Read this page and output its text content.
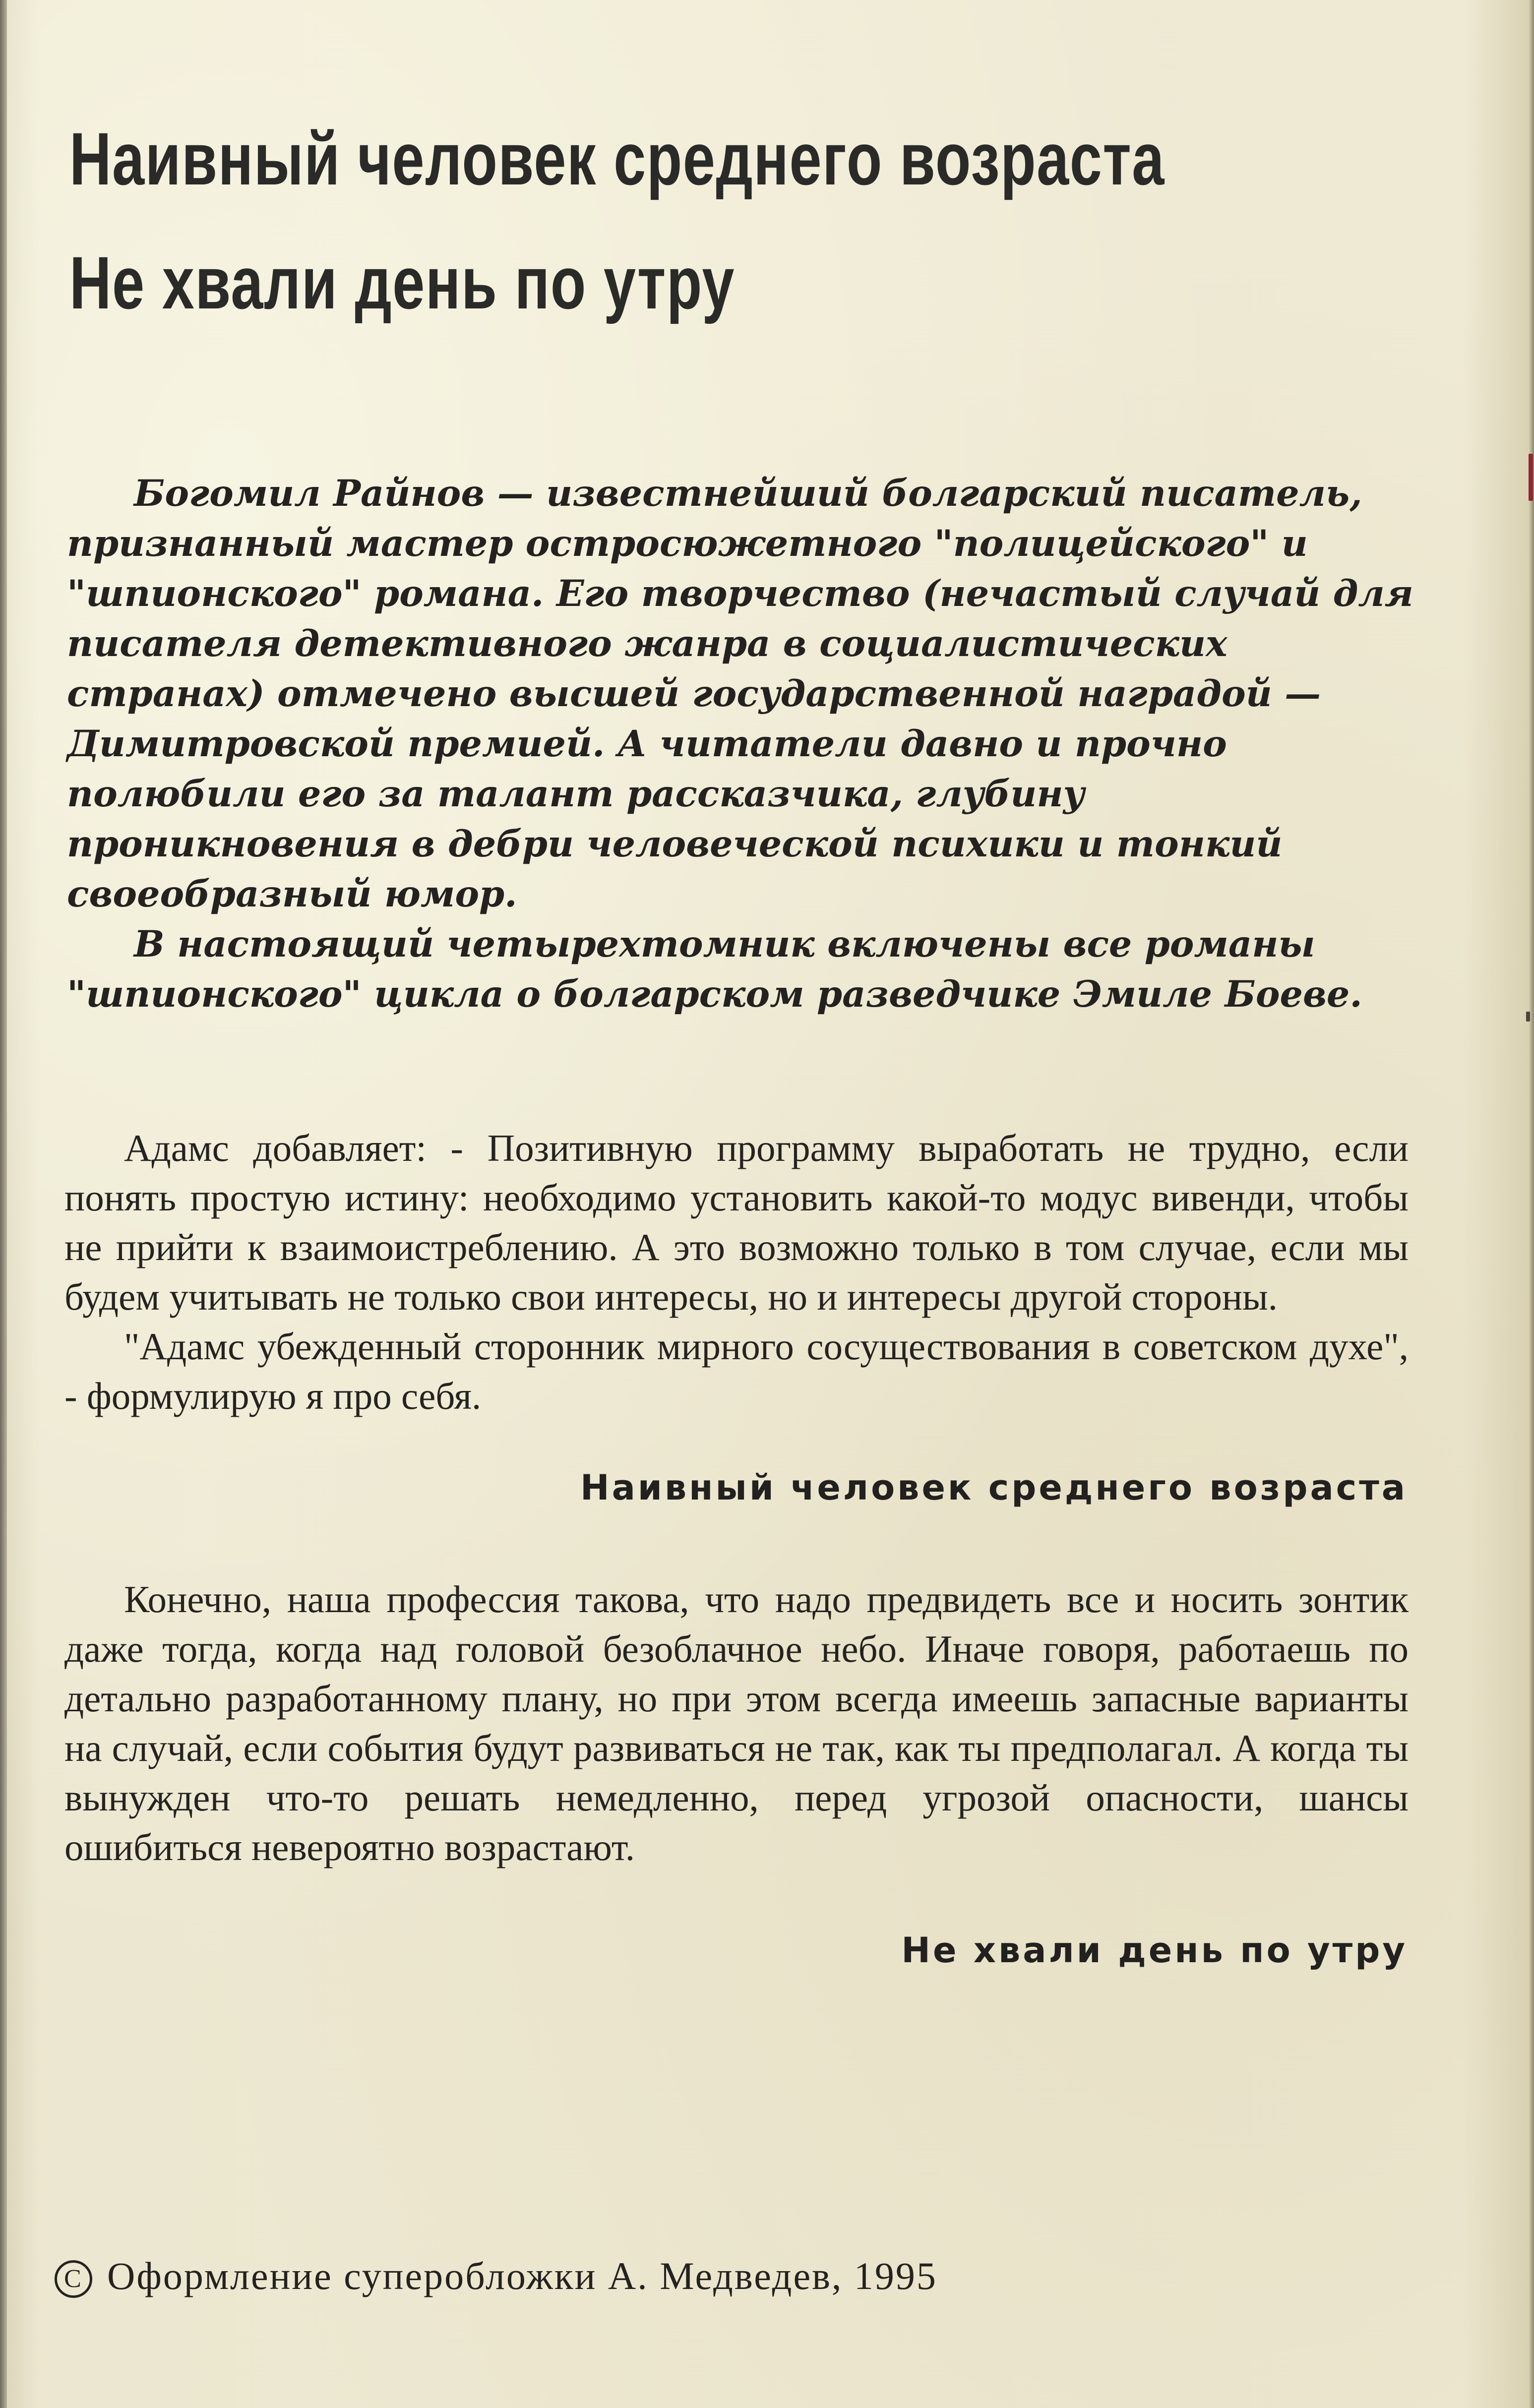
Наивный человек среднего возраста
Не хвали день по утру

Богомил Райнов — известнейший болгарский писатель, признанный мастер остросюжетного "полицейского" и "шпионского" романа. Его творчество (нечастый случай для писателя детективного жанра в социалистических странах) отмечено высшей государственной наградой — Димитровской премией. А читатели давно и прочно полюбили его за талант рассказчика, глубину проникновения в дебри человеческой психики и тонкий своеобразный юмор.

В настоящий четырехтомник включены все романы "шпионского" цикла о болгарском разведчике Эмиле Боеве.

Адамс добавляет: - Позитивную программу выработать не трудно, если понять простую истину: необходимо установить какой-то модус вивенди, чтобы не прийти к взаимоистреблению. А это возможно только в том случае, если мы будем учитывать не только свои интересы, но и интересы другой стороны.

"Адамс убежденный сторонник мирного сосуществования в советском духе", - формулирую я про себя.

Наивный человек среднего возраста

Конечно, наша профессия такова, что надо предвидеть все и носить зонтик даже тогда, когда над головой безоблачное небо. Иначе говоря, работаешь по детально разработанному плану, но при этом всегда имеешь запасные варианты на случай, если события будут развиваться не так, как ты предполагал. А когда ты вынужден что-то решать немедленно, перед угрозой опасности, шансы ошибиться невероятно возрастают.

Не хвали день по утру
C Оформление суперобложки А. Медведев, 1995
